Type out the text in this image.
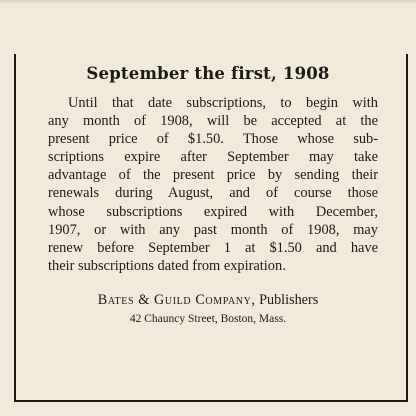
September the first, 1908
Until that date subscriptions, to begin with
any month of 1908, will be accepted at the
present price of $1.50. Those whose sub-
scriptions expire after September may take
advantage of the present price by sending their
renewals during August, and of course those
whose subscriptions expired with December,
1907, or with any past month of 1908, may
renew before September 1 at $1.50 and have
their subscriptions dated from expiration.
Bates & Guild Company, Publishers
42 Chauncy Street, Boston, Mass.
